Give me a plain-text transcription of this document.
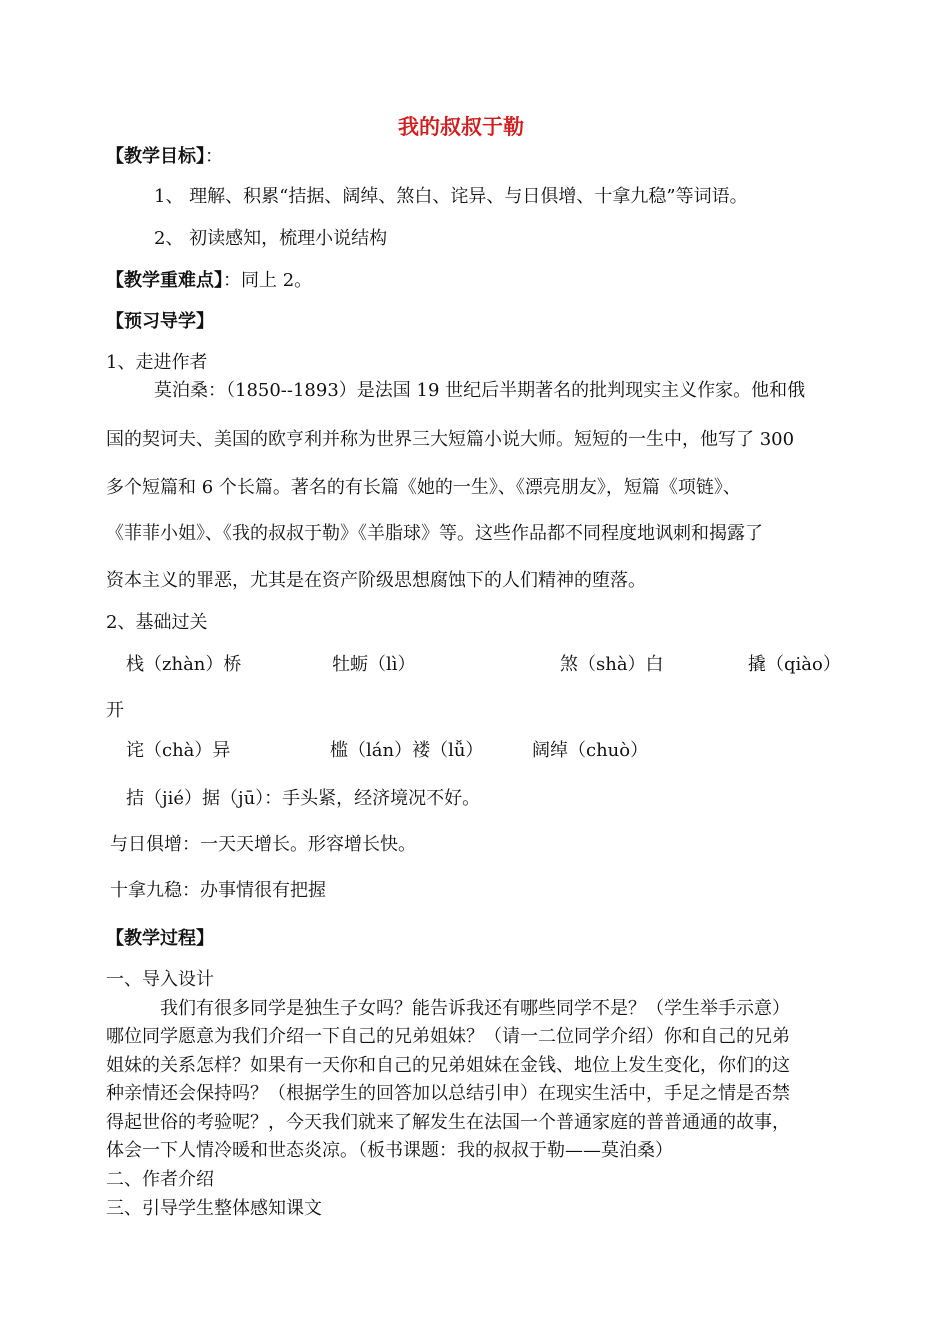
我的叔叔于勒
【教学目标】：
1、 理解、积累“拮据、阔绰、煞白、诧异、与日俱增、十拿九稳”等词语。
2、 初读感知，梳理小说结构
【教学重难点】：同上 2。
【预习导学】
1、走进作者
莫泊桑：（1850--1893）是法国 19 世纪后半期著名的批判现实主义作家。他和俄
国的契诃夫、美国的欧亨利并称为世界三大短篇小说大师。短短的一生中，他写了 300
多个短篇和 6 个长篇。著名的有长篇《她的一生》、《漂亮朋友》，短篇《项链》、
《菲菲小姐》、《我的叔叔于勒》《羊脂球》等。这些作品都不同程度地讽刺和揭露了
资本主义的罪恶，尤其是在资产阶级思想腐蚀下的人们精神的堕落。
2、基础过关
栈（zhàn）桥	牡蛎（lì）	煞（shà）白	撬（qiào）
开
诧（chà）异	槛（lán）褛（lǚ）	阔绰（chuò）
拮（jié）据（jū）：手头紧，经济境况不好。
与日俱增：一天天增长。形容增长快。
十拿九稳：办事情很有把握
【教学过程】
一、导入设计
我们有很多同学是独生子女吗？能告诉我还有哪些同学不是？（学生举手示意）
哪位同学愿意为我们介绍一下自己的兄弟姐妹？（请一二位同学介绍）你和自己的兄弟
姐妹的关系怎样？如果有一天你和自己的兄弟姐妹在金钱、地位上发生变化，你们的这
种亲情还会保持吗？（根据学生的回答加以总结引申）在现实生活中，手足之情是否禁
得起世俗的考验呢？，今天我们就来了解发生在法国一个普通家庭的普普通通的故事，
体会一下人情冷暖和世态炎凉。（板书课题：我的叔叔于勒——莫泊桑）
二、作者介绍
三、引导学生整体感知课文
